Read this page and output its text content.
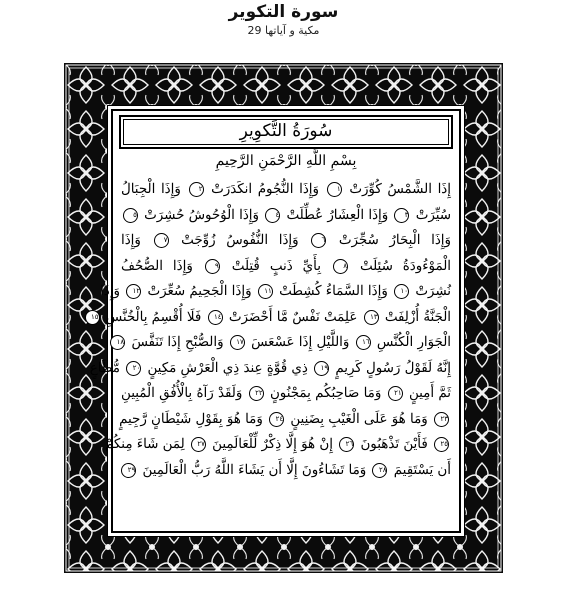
سورة التكوير
مكية و آياتها 29
سُورَةُ التَّكوِيرِ
بِسْمِ اللَّهِ الرَّحْمَنِ الرَّحِيمِ
إِذَا الشَّمْسُ كُوِّرَتْ ١ وَإِذَا النُّجُومُ انكَدَرَتْ ٢ وَإِذَا الْجِبَالُ
سُيِّرَتْ ٣ وَإِذَا الْعِشَارُ عُطِّلَتْ ٤ وَإِذَا الْوُحُوشُ حُشِرَتْ ٥
وَإِذَا الْبِحَارُ سُجِّرَتْ ٦ وَإِذَا النُّفُوسُ زُوِّجَتْ ٧ وَإِذَا
الْمَوْءُودَةُ سُئِلَتْ ٨ بِأَيِّ ذَنبٍ قُتِلَتْ ٩ وَإِذَا الصُّحُفُ
نُشِرَتْ ١٠ وَإِذَا السَّمَاءُ كُشِطَتْ ١١ وَإِذَا الْجَحِيمُ سُعِّرَتْ ١٢ وَإِذَا
الْجَنَّةُ أُزْلِفَتْ ١٣ عَلِمَتْ نَفْسٌ مَّا أَحْضَرَتْ ١٤ فَلَا أُقْسِمُ بِالْخُنَّسِ ١٥
الْجَوَارِ الْكُنَّسِ ١٦ وَاللَّيْلِ إِذَا عَسْعَسَ ١٧ وَالصُّبْحِ إِذَا تَنَفَّسَ ١٨
إِنَّهُ لَقَوْلُ رَسُولٍ كَرِيمٍ ١٩ ذِي قُوَّةٍ عِندَ ذِي الْعَرْشِ مَكِينٍ ٢٠ مُّطَاعٍ
ثَمَّ أَمِينٍ ٢١ وَمَا صَاحِبُكُم بِمَجْنُونٍ ٢٢ وَلَقَدْ رَآهُ بِالْأُفُقِ الْمُبِينِ
٢٣ وَمَا هُوَ عَلَى الْغَيْبِ بِضَنِينٍ ٢٤ وَمَا هُوَ بِقَوْلِ شَيْطَانٍ رَّجِيمٍ
٢٥ فَأَيْنَ تَذْهَبُونَ ٢٦ إِنْ هُوَ إِلَّا ذِكْرٌ لِّلْعَالَمِينَ ٢٧ لِمَن شَاءَ مِنكُمْ
أَن يَسْتَقِيمَ ٢٨ وَمَا تَشَاءُونَ إِلَّا أَن يَشَاءَ اللَّهُ رَبُّ الْعَالَمِينَ ٢٩
